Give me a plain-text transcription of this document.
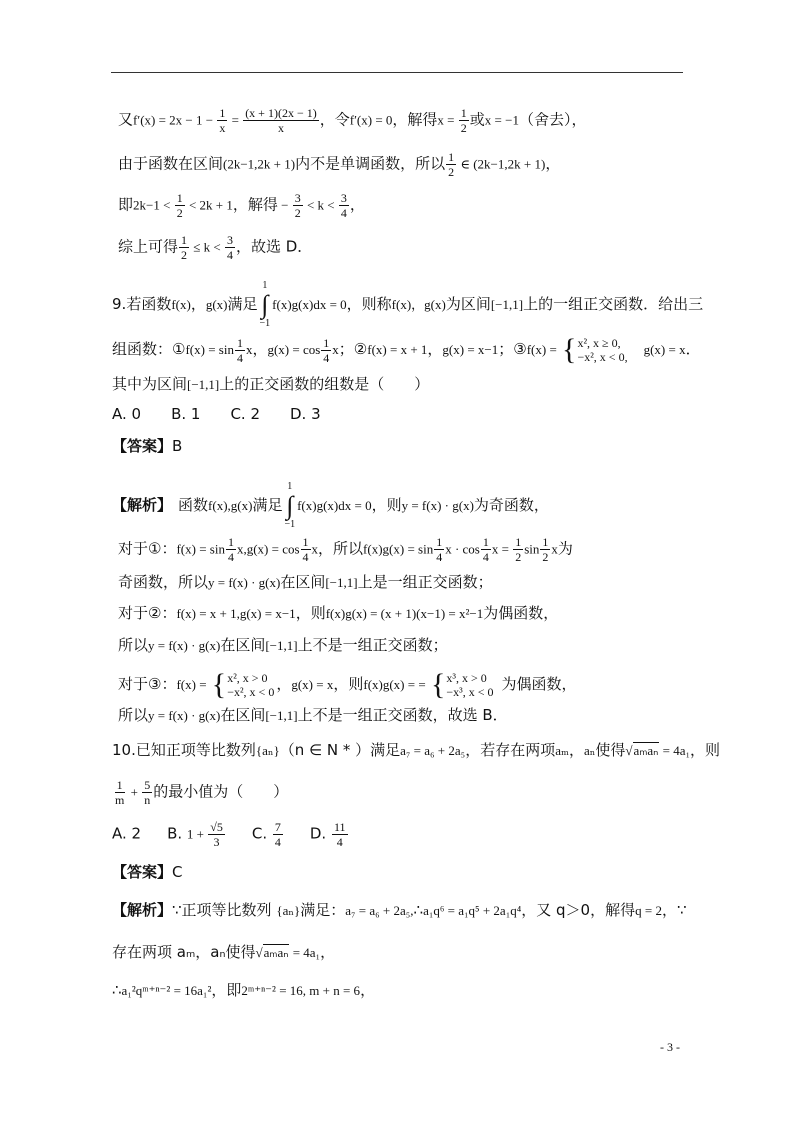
又$f'(x) = 2x - 1 - \frac{1}{x} = \frac{(x + 1)(2x - 1)}{x}$ ，令f′(x) = 0，解得$x = \frac{1}{2}$ 或x = −1（舍去），
由于函数在区间(2k−1,2k + 1)内不是单调函数，所以 $\frac{1}{2}$ ∈ (2k−1,2k + 1)，
即$2k-1 < \frac{1}{2} < 2k + 1$，解得 − $\frac{3}{2} < k < \frac{3}{4}$ ，
综上可得 $\frac{1}{2} \le k < \frac{3}{4}$ ，故选 D．
9.若函数f(x)，g(x)满足
1
∫
−1
f(x)g(x)dx = 0，则称f(x)，g(x)为区间[−1,1]上的一组正交函数．给出三
组函数：①f(x) = $\sin \frac{1}{4}$ x，$g(x) = \cos \frac{1}{4}$ x；②f(x) = x + 1，g(x) = x−1；③f(x) = { x², x ≥ 0,
−x², x < 0, g(x) = x．
其中为区间[−1,1]上的正交函数的组数是（　　）
A. 0　　B. 1　　C. 2　　D. 3
【答案】B
【解析】 函数f(x),g(x)满足
1
∫
−1
f(x)g(x)dx = 0，则y = f(x) · g(x)为奇函数，
对于①：$f(x) = \sin \frac{1}{4} x,g(x) = \cos \frac{1}{4}$ x，所以$f(x)g(x) = \sin \frac{1}{4}$ $x \cdot \cos \frac{1}{4}$ $x = \frac{1}{2}$ $\sin \frac{1}{2}$ x为
奇函数，所以y = f(x) · g(x)在区间[−1,1]上是一组正交函数；
对于②：f(x) = x + 1,g(x) = x−1，则f(x)g(x) = (x + 1)(x−1) = x²−1为偶函数，
所以y = f(x) · g(x)在区间[−1,1]上不是一组正交函数；
对于③：f(x) = { x², x > 0
−x², x < 0 ，g(x) = x，则f(x)g(x) = = { x³, x > 0
−x³, x < 0 为偶函数，
所以y = f(x) · g(x)在区间[−1,1]上不是一组正交函数，故选 B．
10.已知正项等比数列{aₙ}（n ∈ N * ）满足a₇ = a₆ + 2a₅，若存在两项aₘ，aₙ使得√aₘaₙ = 4a₁，则
$\frac{1}{m} + \frac{5}{n}$ 的最小值为（　　）
A. 2 B. $1 + \frac{√5}{3} C$. $\frac{7}{4} D$. $\frac{11}{4}$
【答案】C
【解析】∵正项等比数列 {aₙ}满足：a₇ = a₆ + 2a₅,∴a₁q⁶ = a₁q⁵ + 2a₁q⁴，又 q＞0，解得q = 2，∵
存在两项 aₘ，aₙ使得√aₘaₙ = 4a₁，
∴a₁²qᵐ⁺ⁿ⁻² = 16a₁²，即2ᵐ⁺ⁿ⁻² = 16, m + n = 6，
- 3 -
